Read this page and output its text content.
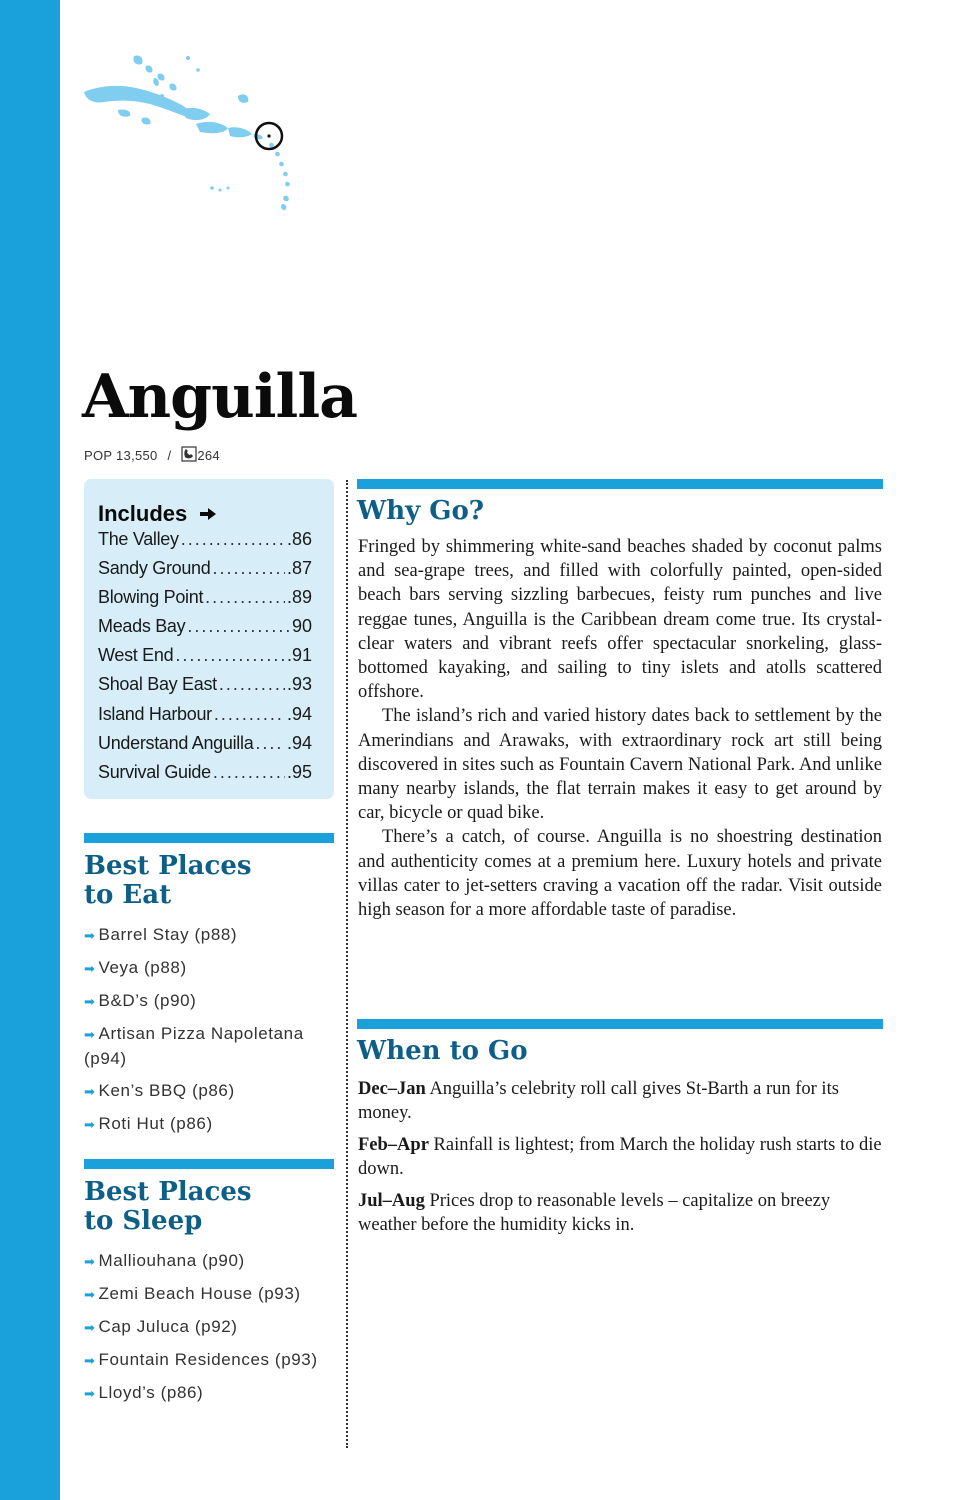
Anguilla
POP 13,550 / 264
Includes
The Valley .....	.86
Sandy Ground .....	.87
Blowing Point .....	.89
Meads Bay .....	90
West End .....	.91
Shoal Bay East .....	.93
Island Harbour .....	.94
Understand Anguilla ..... .94
Survival Guide .....	.95
Best Places
to Eat
➡ Barrel Stay (p88)
➡ Veya (p88)
➡ B&D’s (p90)
➡ Artisan Pizza Napoletana (p94)
➡ Ken’s BBQ (p86)
➡ Roti Hut (p86)
Best Places
to Sleep
➡ Malliouhana (p90)
➡ Zemi Beach House (p93)
➡ Cap Juluca (p92)
➡ Fountain Residences (p93)
➡ Lloyd’s (p86)
Why Go?

Fringed by shimmering white-sand beaches shaded by coconut palms and sea-grape trees, and filled with colorfully painted, open-sided beach bars serving sizzling barbecues, feisty rum punches and live reggae tunes, Anguilla is the Caribbean dream come true. Its crystal-clear waters and vibrant reefs offer spectacular snorkeling, glass-bottomed kayaking, and sailing to tiny islets and atolls scattered offshore.

The island’s rich and varied history dates back to settlement by the Amerindians and Arawaks, with extraordinary rock art still being discovered in sites such as Fountain Cavern National Park. And unlike many nearby islands, the flat terrain makes it easy to get around by car, bicycle or quad bike.

There’s a catch, of course. Anguilla is no shoestring destination and authenticity comes at a premium here. Luxury hotels and private villas cater to jet-setters craving a vacation off the radar. Visit outside high season for a more affordable taste of paradise.

When to Go
Dec–Jan Anguilla’s celebrity roll call gives St-Barth a run for its money.
Feb–Apr Rainfall is lightest; from March the holiday rush starts to die down.
Jul–Aug Prices drop to reasonable levels – capitalize on breezy weather before the humidity kicks in.
